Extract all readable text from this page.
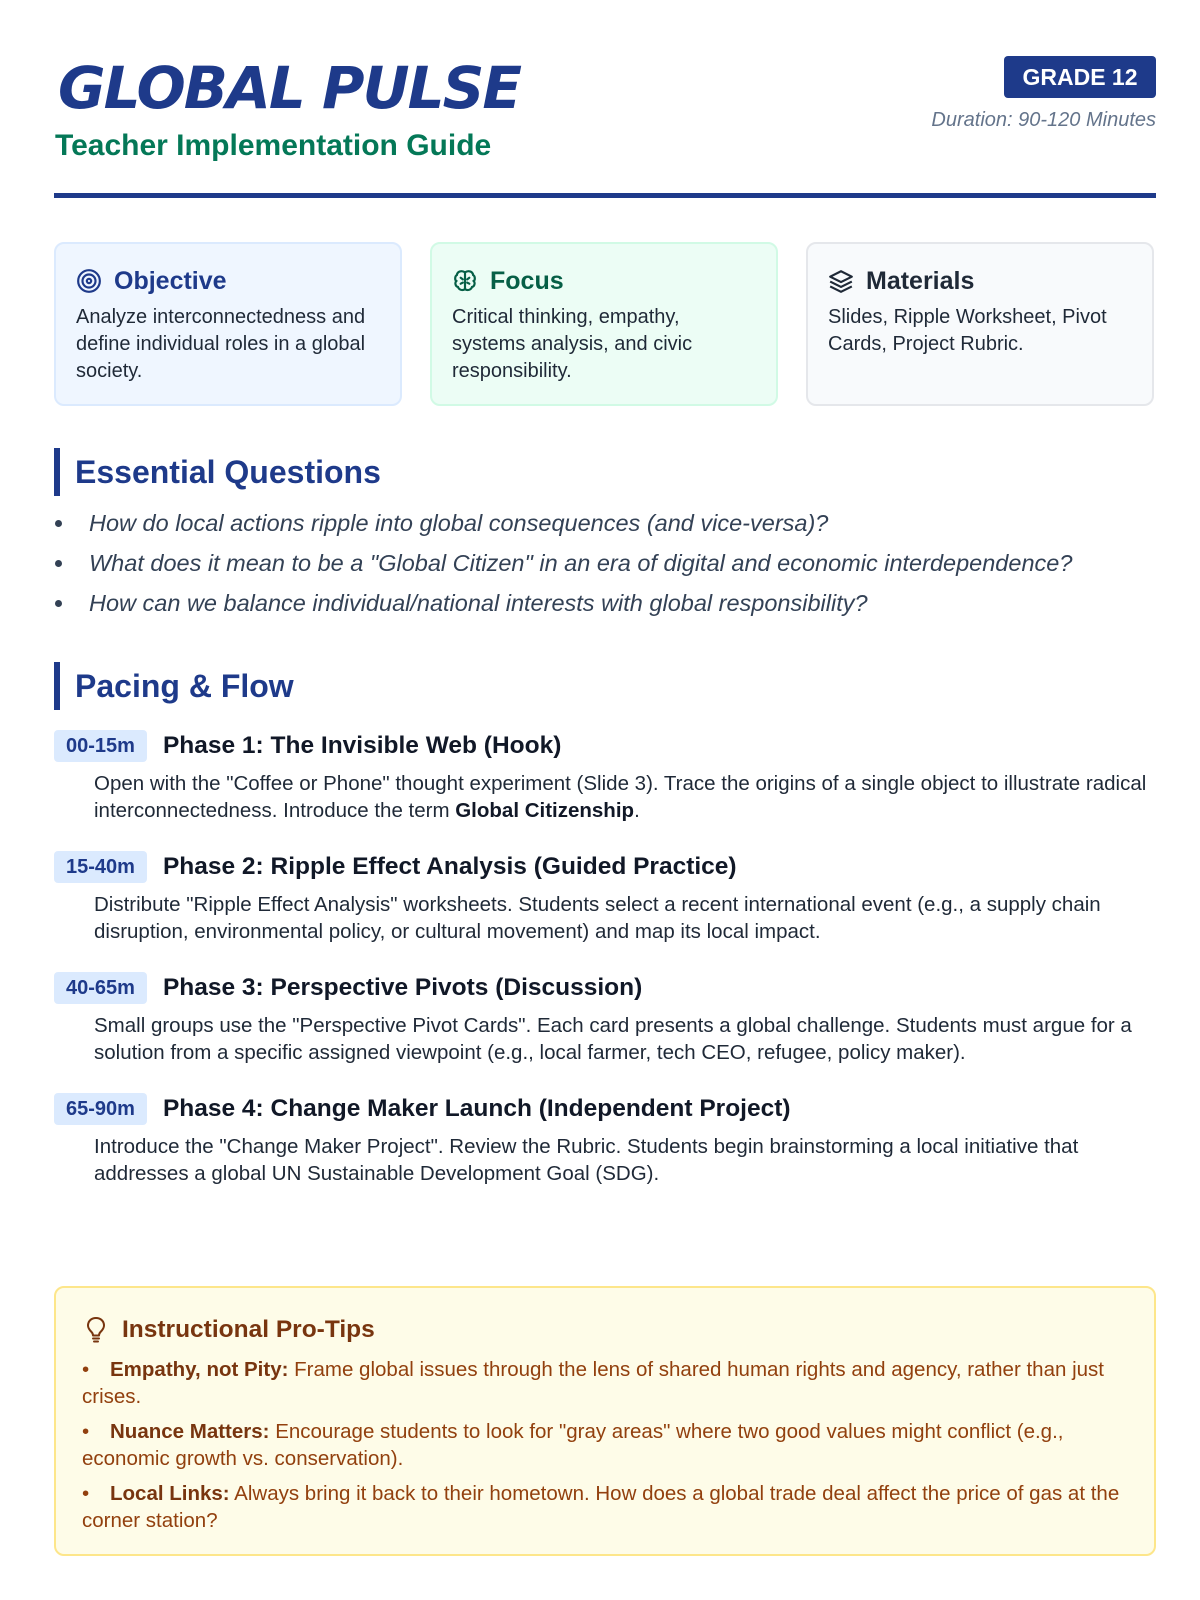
GLOBAL PULSE
Teacher Implementation Guide
GRADE 12
Duration: 90-120 Minutes
Objective
Analyze interconnectedness and define individual roles in a global society.
Focus
Critical thinking, empathy, systems analysis, and civic responsibility.
Materials
Slides, Ripple Worksheet, Pivot Cards, Project Rubric.
Essential Questions
How do local actions ripple into global consequences (and vice-versa)?
What does it mean to be a "Global Citizen" in an era of digital and economic interdependence?
How can we balance individual/national interests with global responsibility?
Pacing & Flow
00-15m	Phase 1: The Invisible Web (Hook)
Open with the "Coffee or Phone" thought experiment (Slide 3). Trace the origins of a single object to illustrate radical interconnectedness. Introduce the term Global Citizenship.
15-40m	Phase 2: Ripple Effect Analysis (Guided Practice)
Distribute "Ripple Effect Analysis" worksheets. Students select a recent international event (e.g., a supply chain disruption, environmental policy, or cultural movement) and map its local impact.
40-65m	Phase 3: Perspective Pivots (Discussion)
Small groups use the "Perspective Pivot Cards". Each card presents a global challenge. Students must argue for a solution from a specific assigned viewpoint (e.g., local farmer, tech CEO, refugee, policy maker).
65-90m	Phase 4: Change Maker Launch (Independent Project)
Introduce the "Change Maker Project". Review the Rubric. Students begin brainstorming a local initiative that addresses a global UN Sustainable Development Goal (SDG).
Instructional Pro-Tips
• Empathy, not Pity: Frame global issues through the lens of shared human rights and agency, rather than just crises.
• Nuance Matters: Encourage students to look for "gray areas" where two good values might conflict (e.g., economic growth vs. conservation).
• Local Links: Always bring it back to their hometown. How does a global trade deal affect the price of gas at the corner station?
